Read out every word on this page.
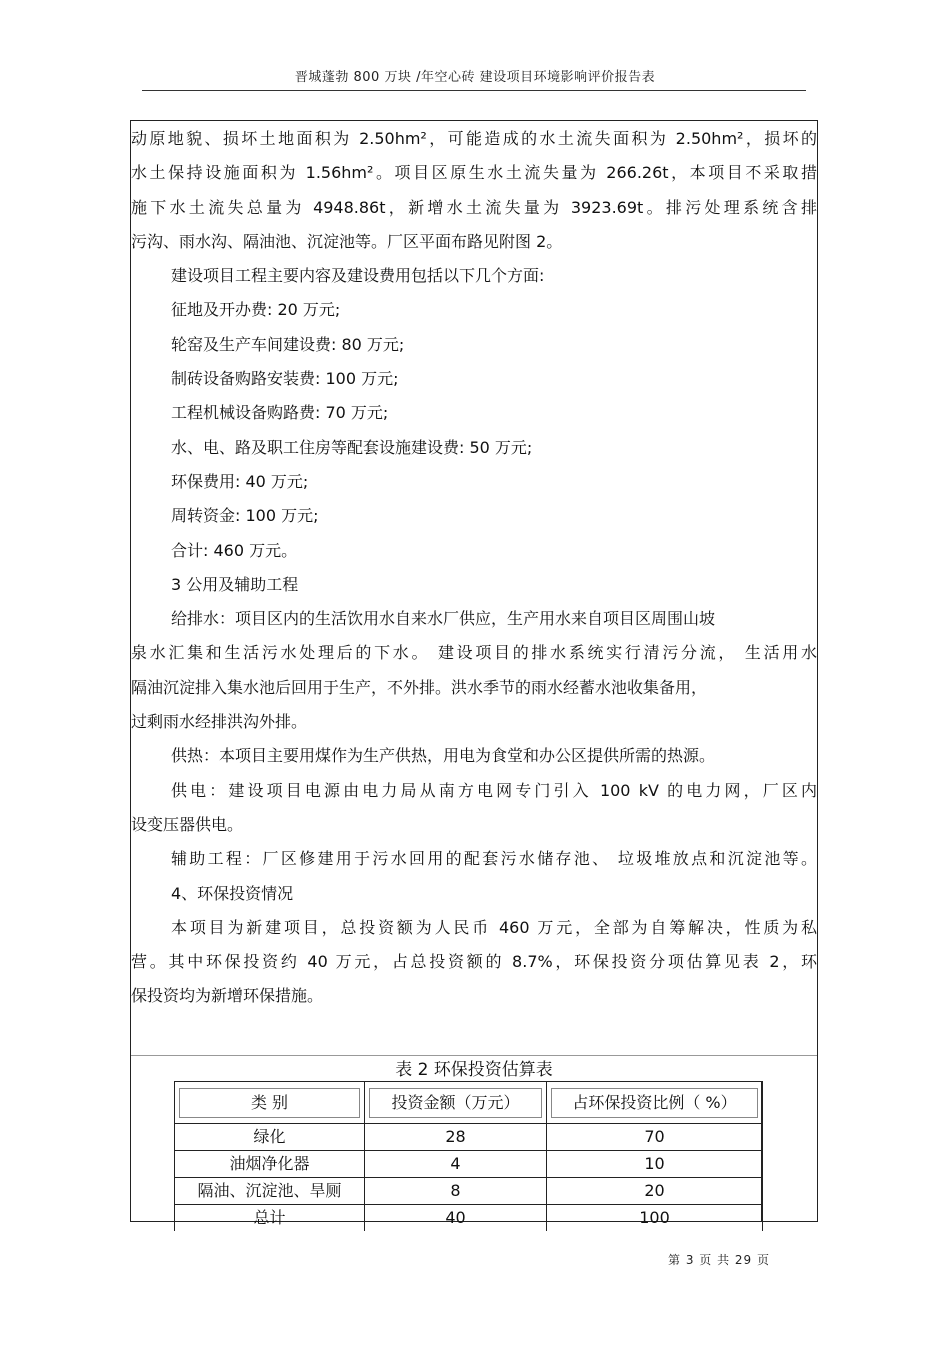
晋城蓬勃 800 万块 /年空心砖 建设项目环境影响评价报告表
动原地貌、损坏土地面积为 2.50hm²，可能造成的水土流失面积为 2.50hm²，损坏的
水土保持设施面积为 1.56hm²。项目区原生水土流失量为 266.26t，本项目不采取措
施下水土流失总量为 4948.86t，新增水土流失量为 3923.69t。排污处理系统含排
污沟、雨水沟、隔油池、沉淀池等。厂区平面布路见附图 2。
建设项目工程主要内容及建设费用包括以下几个方面:
征地及开办费: 20 万元;
轮窑及生产车间建设费: 80 万元;
制砖设备购路安装费: 100 万元;
工程机械设备购路费: 70 万元;
水、电、路及职工住房等配套设施建设费: 50 万元;
环保费用: 40 万元;
周转资金: 100 万元;
合计: 460 万元。
3 公用及辅助工程
给排水：项目区内的生活饮用水自来水厂供应，生产用水来自项目区周围山坡
泉水汇集和生活污水处理后的下水。 建设项目的排水系统实行清污分流， 生活用水
隔油沉淀排入集水池后回用于生产，不外排。洪水季节的雨水经蓄水池收集备用，
过剩雨水经排洪沟外排。
供热：本项目主要用煤作为生产供热，用电为食堂和办公区提供所需的热源。
供电：建设项目电源由电力局从南方电网专门引入 100 kV 的电力网，厂区内
设变压器供电。
辅助工程：厂区修建用于污水回用的配套污水储存池、 垃圾堆放点和沉淀池等。
4、环保投资情况
本项目为新建项目，总投资额为人民币 460 万元，全部为自筹解决，性质为私
营。其中环保投资约 40 万元，占总投资额的 8.7%，环保投资分项估算见表 2，环
保投资均为新增环保措施。
表 2 环保投资估算表
类 别	投资金额（万元）	占环保投资比例（ %）

绿化	28	70
油烟净化器	4	10
隔油、沉淀池、旱厕	8	20
总计	40	100
第 3 页 共 29 页
